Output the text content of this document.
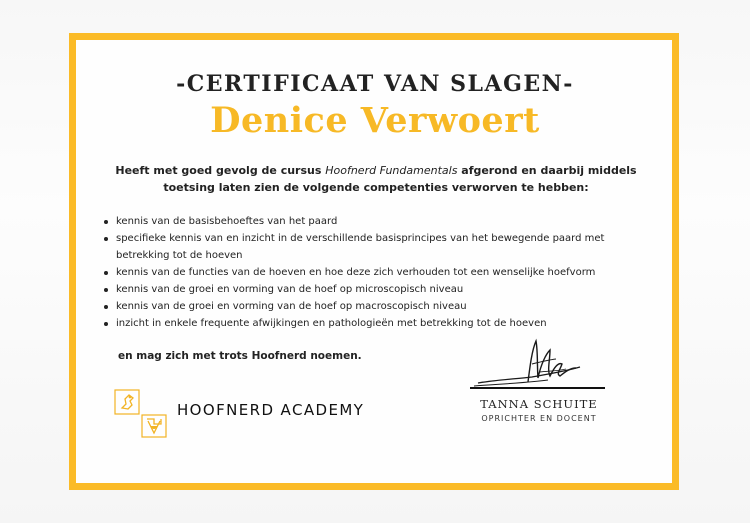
-CERTIFICAAT VAN SLAGEN-
Denice Verwoert

Heeft met goed gevolg de cursus Hoofnerd Fundamentals afgerond en daarbij middels toetsing laten zien de volgende competenties verworven te hebben:

kennis van de basisbehoeftes van het paard
specifieke kennis van en inzicht in de verschillende basisprincipes van het bewegende paard met betrekking tot de hoeven
kennis van de functies van de hoeven en hoe deze zich verhouden tot een wenselijke hoefvorm
kennis van de groei en vorming van de hoef op microscopisch niveau
kennis van de groei en vorming van de hoef op macroscopisch niveau
inzicht in enkele frequente afwijkingen en pathologieën met betrekking tot de hoeven

en mag zich met trots Hoofnerd noemen.

HOOFNERD ACADEMY	TANNA SCHUITE

OPRICHTER EN DOCENT
